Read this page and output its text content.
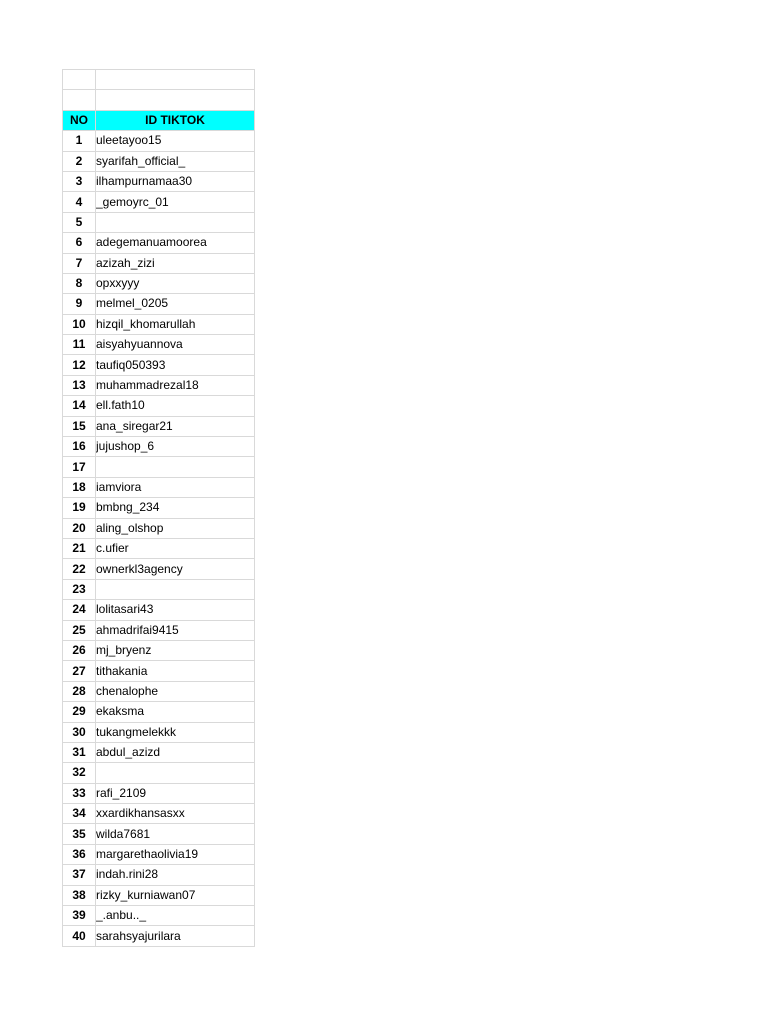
NO	ID TIKTOK
1	uleetayoo15
2	syarifah_official_
3	ilhampurnamaa30
4	_gemoyrc_01
5	
6	adegemanuamoorea
7	azizah_zizi
8	opxxyyy
9	melmel_0205
10	hizqil_khomarullah
11	aisyahyuannova
12	taufiq050393
13	muhammadrezal18
14	ell.fath10
15	ana_siregar21
16	jujushop_6
17	
18	iamviora
19	bmbng_234
20	aling_olshop
21	c.ufier
22	ownerkl3agency
23	
24	lolitasari43
25	ahmadrifai9415
26	mj_bryenz
27	tithakania
28	chenalophe
29	ekaksma
30	tukangmelekkk
31	abdul_azizd
32	
33	rafi_2109
34	xxardikhansasxx
35	wilda7681
36	margarethaolivia19
37	indah.rini28
38	rizky_kurniawan07
39	_.anbu.._
40	sarahsyajurilara
